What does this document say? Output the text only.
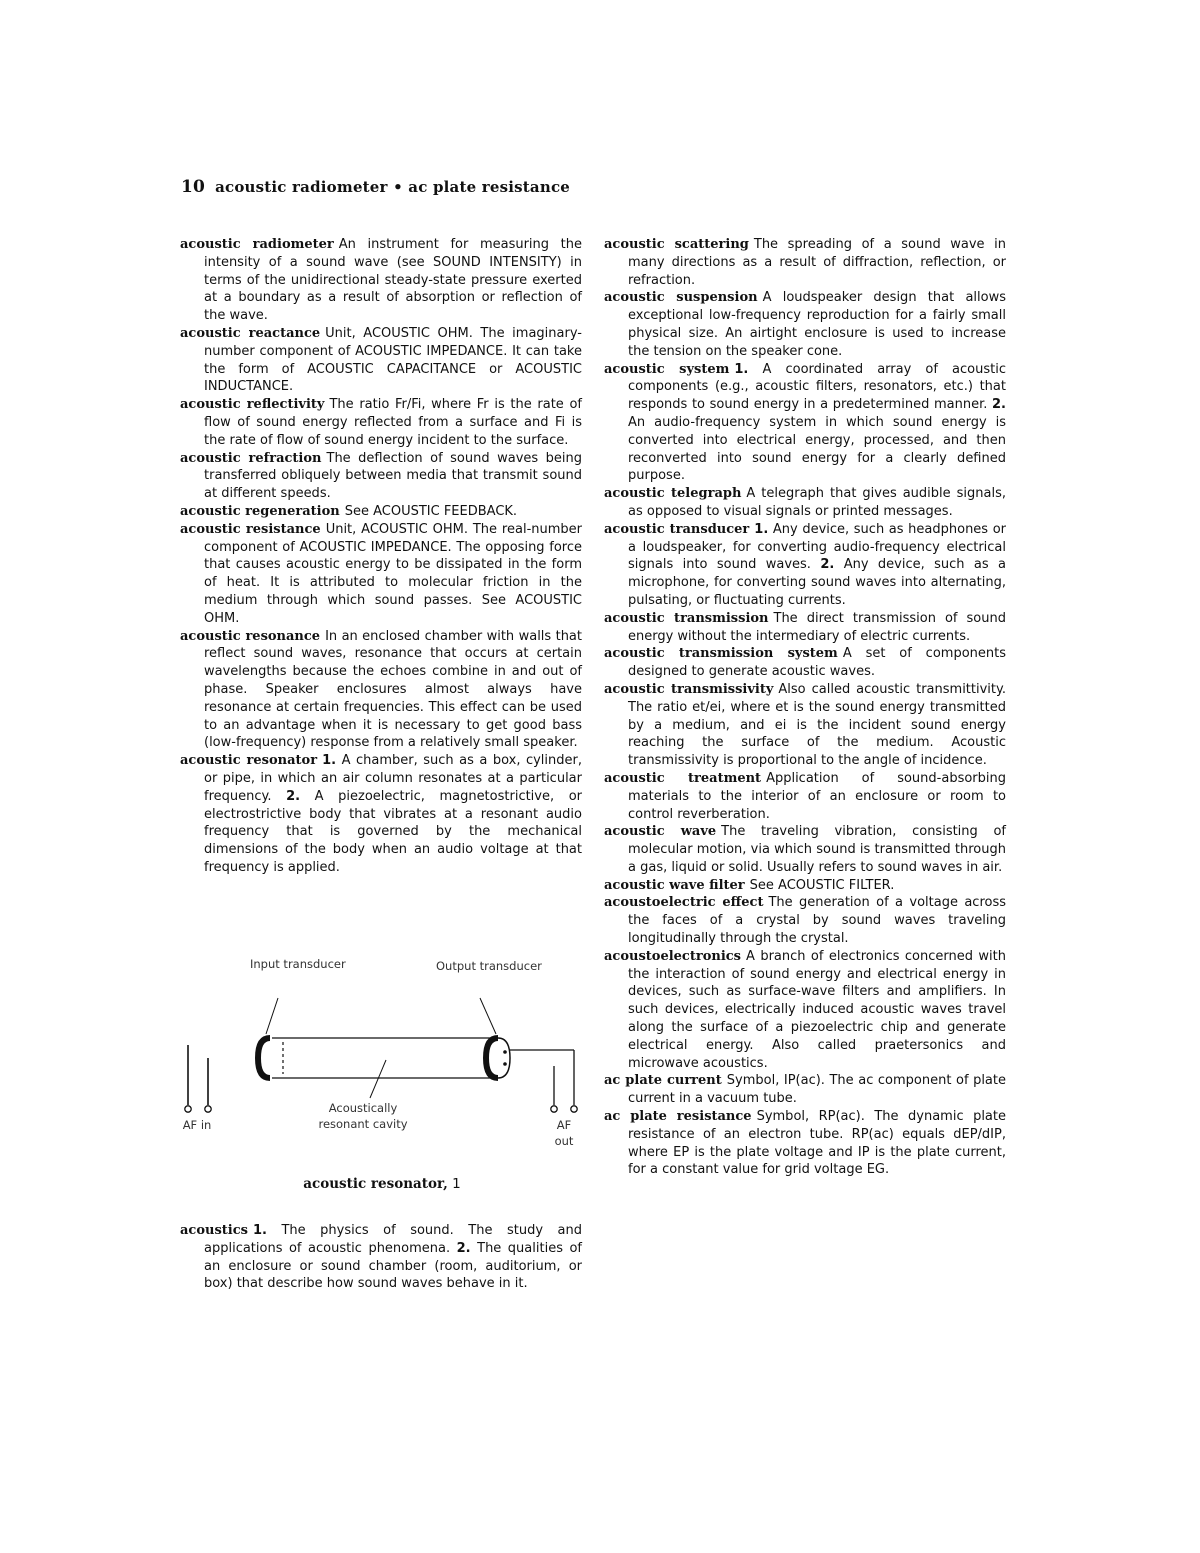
10 acoustic radiometer • ac plate resistance

acoustic radiometer An instrument for measuring the intensity of a sound wave (see SOUND INTENSITY) in terms of the unidirectional steady-state pressure exerted at a boundary as a result of absorption or reflection of the wave.

acoustic reactance Unit, ACOUSTIC OHM. The imaginary-number component of ACOUSTIC IMPEDANCE. It can take the form of ACOUSTIC CAPACITANCE or ACOUSTIC INDUCTANCE.

acoustic reflectivity The ratio Fr/Fi, where Fr is the rate of flow of sound energy reflected from a surface and Fi is the rate of flow of sound energy incident to the surface.

acoustic refraction The deflection of sound waves being transferred obliquely between media that transmit sound at different speeds.

acoustic regeneration See ACOUSTIC FEEDBACK.

acoustic resistance Unit, ACOUSTIC OHM. The real-number component of ACOUSTIC IMPEDANCE. The opposing force that causes acoustic energy to be dissipated in the form of heat. It is attributed to molecular friction in the medium through which sound passes. See ACOUSTIC OHM.

acoustic resonance In an enclosed chamber with walls that reflect sound waves, resonance that occurs at certain wavelengths because the echoes combine in and out of phase. Speaker enclosures almost always have resonance at certain frequencies. This effect can be used to an advantage when it is necessary to get good bass (low-frequency) response from a relatively small speaker.

acoustic resonator 1. A chamber, such as a box, cylinder, or pipe, in which an air column resonates at a particular frequency. 2. A piezoelectric, magnetostrictive, or electrostrictive body that vibrates at a resonant audio frequency that is governed by the mechanical dimensions of the body when an audio voltage at that frequency is applied.

Input transducer	Output transducer
Acoustically resonant cavity
AF in	AF out
acoustic resonator, 1

acoustics 1. The physics of sound. The study and applications of acoustic phenomena. 2. The qualities of an enclosure or sound chamber (room, auditorium, or box) that describe how sound waves behave in it.

acoustic scattering The spreading of a sound wave in many directions as a result of diffraction, reflection, or refraction.

acoustic suspension A loudspeaker design that allows exceptional low-frequency reproduction for a fairly small physical size. An airtight enclosure is used to increase the tension on the speaker cone.

acoustic system 1. A coordinated array of acoustic components (e.g., acoustic filters, resonators, etc.) that responds to sound energy in a predetermined manner. 2. An audio-frequency system in which sound energy is converted into electrical energy, processed, and then reconverted into sound energy for a clearly defined purpose.

acoustic telegraph A telegraph that gives audible signals, as opposed to visual signals or printed messages.

acoustic transducer 1. Any device, such as headphones or a loudspeaker, for converting audio-frequency electrical signals into sound waves. 2. Any device, such as a microphone, for converting sound waves into alternating, pulsating, or fluctuating currents.

acoustic transmission The direct transmission of sound energy without the intermediary of electric currents.

acoustic transmission system A set of components designed to generate acoustic waves.

acoustic transmissivity Also called acoustic transmittivity. The ratio et/ei, where et is the sound energy transmitted by a medium, and ei is the incident sound energy reaching the surface of the medium. Acoustic transmissivity is proportional to the angle of incidence.

acoustic treatment Application of sound-absorbing materials to the interior of an enclosure or room to control reverberation.

acoustic wave The traveling vibration, consisting of molecular motion, via which sound is transmitted through a gas, liquid or solid. Usually refers to sound waves in air.

acoustic wave filter See ACOUSTIC FILTER.

acoustoelectric effect The generation of a voltage across the faces of a crystal by sound waves traveling longitudinally through the crystal.

acoustoelectronics A branch of electronics concerned with the interaction of sound energy and electrical energy in devices, such as surface-wave filters and amplifiers. In such devices, electrically induced acoustic waves travel along the surface of a piezoelectric chip and generate electrical energy. Also called praetersonics and microwave acoustics.

ac plate current Symbol, IP(ac). The ac component of plate current in a vacuum tube.

ac plate resistance Symbol, RP(ac). The dynamic plate resistance of an electron tube. RP(ac) equals dEP/dIP, where EP is the plate voltage and IP is the plate current, for a constant value for grid voltage EG.
